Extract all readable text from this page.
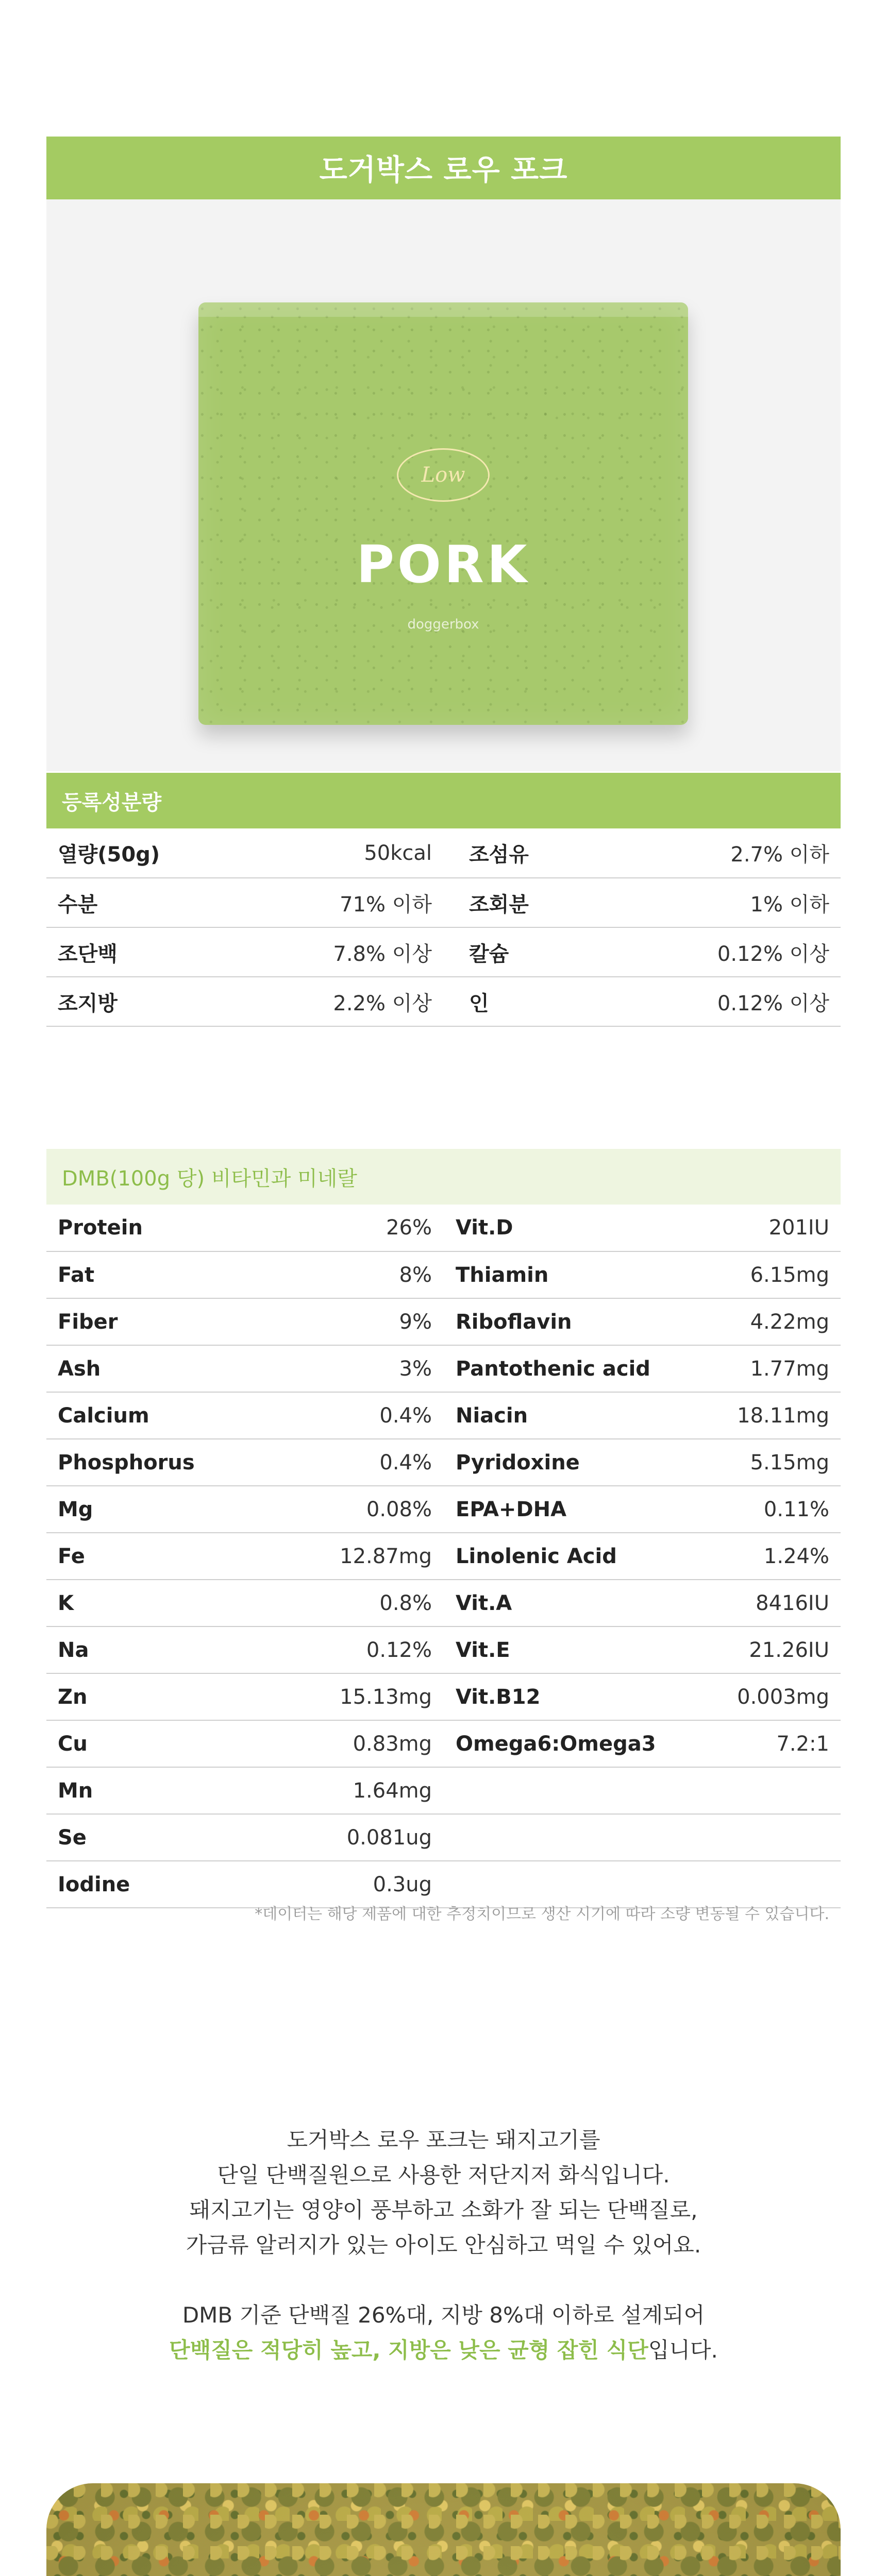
도거박스 로우 포크
Low
PORK
doggerbox
등록성분량
열량(50g)	50kcal	조섬유	2.7% 이하
수분	71% 이하	조회분	1% 이하
조단백	7.8% 이상	칼슘	0.12% 이상
조지방	2.2% 이상	인	0.12% 이상
DMB(100g 당) 비타민과 미네랄
Protein	26%	Vit.D	201IU
Fat	8%	Thiamin	6.15mg
Fiber	9%	Riboflavin	4.22mg
Ash	3%	Pantothenic acid	1.77mg
Calcium	0.4%	Niacin	18.11mg
Phosphorus	0.4%	Pyridoxine	5.15mg
Mg	0.08%	EPA+DHA	0.11%
Fe	12.87mg	Linolenic Acid	1.24%
K	0.8%	Vit.A	8416IU
Na	0.12%	Vit.E	21.26IU
Zn	15.13mg	Vit.B12	0.003mg
Cu	0.83mg	Omega6:Omega3	7.2:1
Mn	1.64mg		
Se	0.081ug		
Iodine	0.3ug		
*데이터는 해당 제품에 대한 추정치이므로 생산 시기에 따라 소량 변동될 수 있습니다.

도거박스 로우 포크는 돼지고기를

단일 단백질원으로 사용한 저단지저 화식입니다.

돼지고기는 영양이 풍부하고 소화가 잘 되는 단백질로,

가금류 알러지가 있는 아이도 안심하고 먹일 수 있어요.

DMB 기준 단백질 26%대, 지방 8%대 이하로 설계되어

단백질은 적당히 높고, 지방은 낮은 균형 잡힌 식단입니다.
